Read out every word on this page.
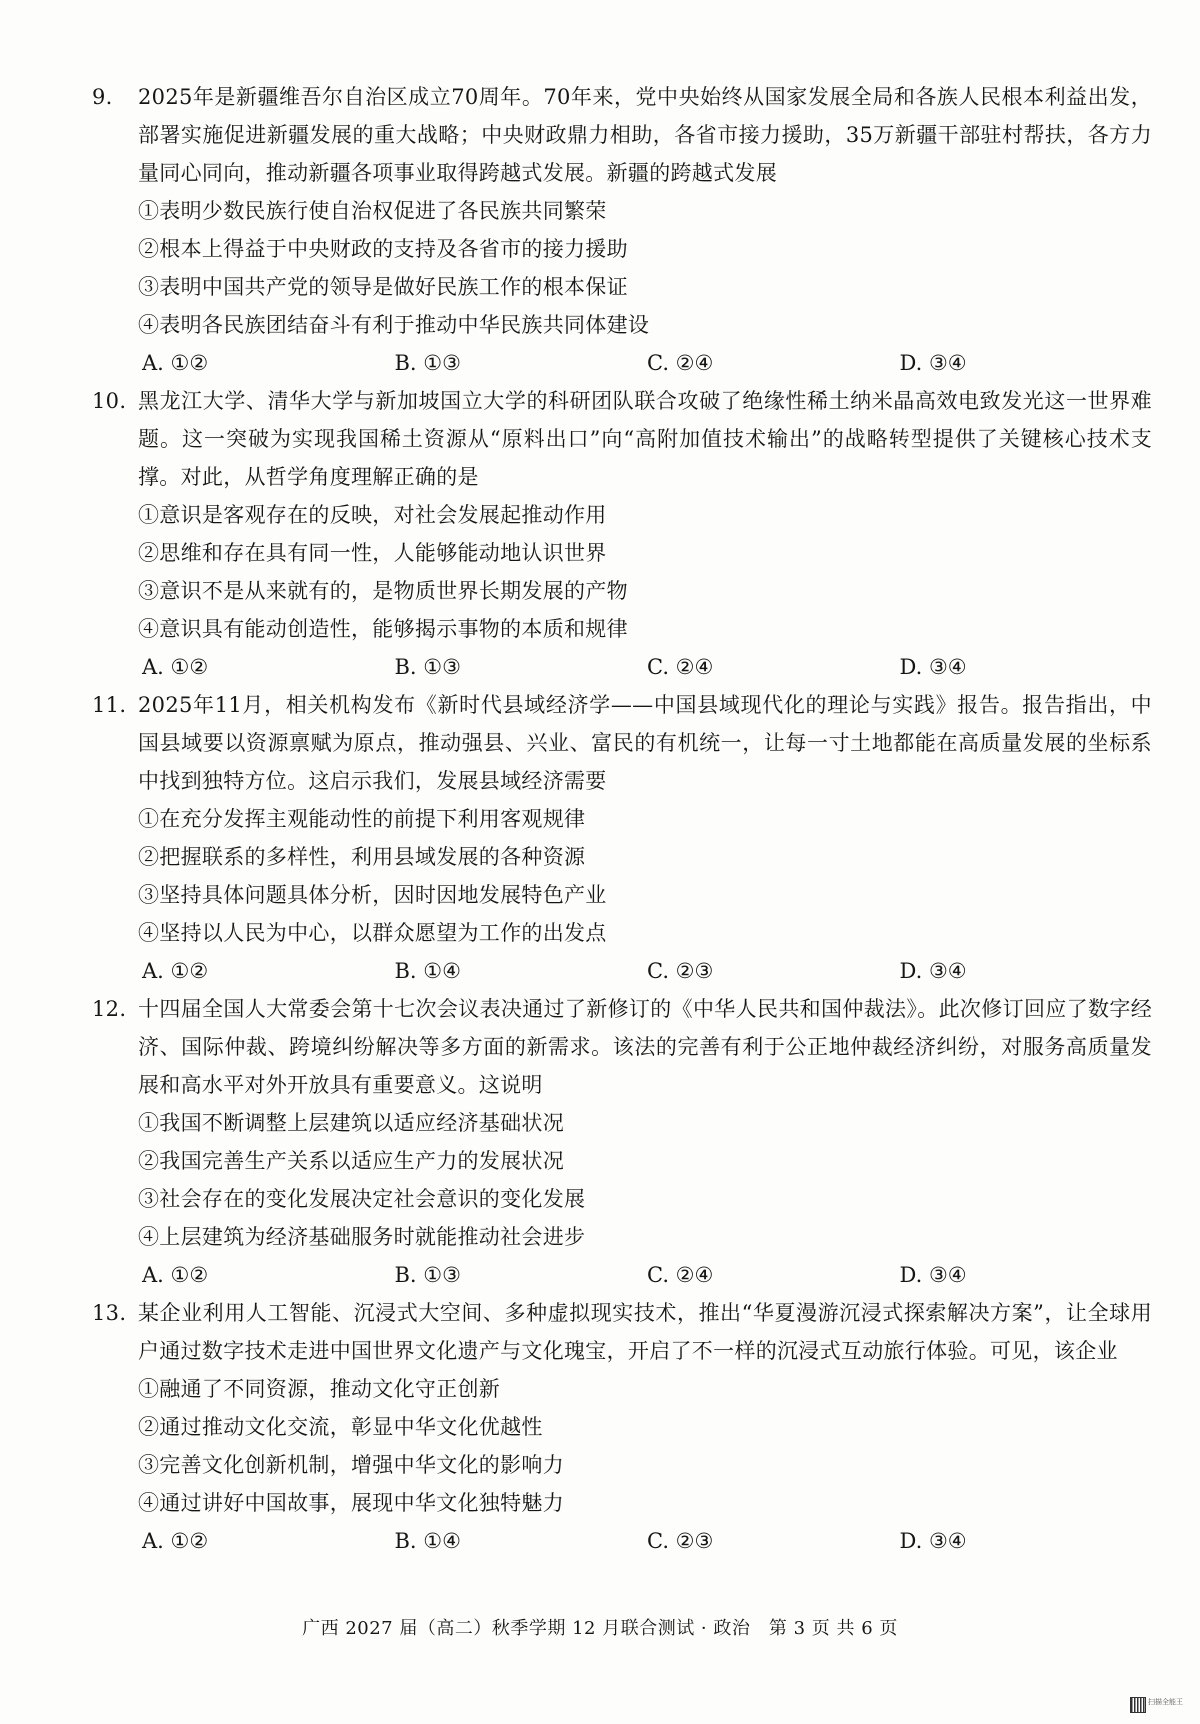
9.	2025年是新疆维吾尔自治区成立70周年。70年来，党中央始终从国家发展全局和各族人民根本利益出发，部署实施促进新疆发展的重大战略；中央财政鼎力相助，各省市接力援助，35万新疆干部驻村帮扶，各方力量同心同向，推动新疆各项事业取得跨越式发展。新疆的跨越式发展
①表明少数民族行使自治权促进了各民族共同繁荣
②根本上得益于中央财政的支持及各省市的接力援助
③表明中国共产党的领导是做好民族工作的根本保证
④表明各民族团结奋斗有利于推动中华民族共同体建设
A. ①②	B. ①③	C. ②④	D. ③④
10. 黑龙江大学、清华大学与新加坡国立大学的科研团队联合攻破了绝缘性稀土纳米晶高效电致发光这一世界难题。这一突破为实现我国稀土资源从“原料出口”向“高附加值技术输出”的战略转型提供了关键核心技术支撑。对此，从哲学角度理解正确的是
①意识是客观存在的反映，对社会发展起推动作用
②思维和存在具有同一性，人能够能动地认识世界
③意识不是从来就有的，是物质世界长期发展的产物
④意识具有能动创造性，能够揭示事物的本质和规律
A. ①②	B. ①③	C. ②④	D. ③④
11. 2025年11月，相关机构发布《新时代县域经济学——中国县域现代化的理论与实践》报告。报告指出，中国县域要以资源禀赋为原点，推动强县、兴业、富民的有机统一，让每一寸土地都能在高质量发展的坐标系中找到独特方位。这启示我们，发展县域经济需要
①在充分发挥主观能动性的前提下利用客观规律
②把握联系的多样性，利用县域发展的各种资源
③坚持具体问题具体分析，因时因地发展特色产业
④坚持以人民为中心，以群众愿望为工作的出发点
A. ①②	B. ①④	C. ②③	D. ③④
12. 十四届全国人大常委会第十七次会议表决通过了新修订的《中华人民共和国仲裁法》。此次修订回应了数字经济、国际仲裁、跨境纠纷解决等多方面的新需求。该法的完善有利于公正地仲裁经济纠纷，对服务高质量发展和高水平对外开放具有重要意义。这说明
①我国不断调整上层建筑以适应经济基础状况
②我国完善生产关系以适应生产力的发展状况
③社会存在的变化发展决定社会意识的变化发展
④上层建筑为经济基础服务时就能推动社会进步
A. ①②	B. ①③	C. ②④	D. ③④
13. 某企业利用人工智能、沉浸式大空间、多种虚拟现实技术，推出“华夏漫游沉浸式探索解决方案”，让全球用户通过数字技术走进中国世界文化遗产与文化瑰宝，开启了不一样的沉浸式互动旅行体验。可见，该企业
①融通了不同资源，推动文化守正创新
②通过推动文化交流，彰显中华文化优越性
③完善文化创新机制，增强中华文化的影响力
④通过讲好中国故事，展现中华文化独特魅力
A. ①②	B. ①④	C. ②③	D. ③④
广西 2027 届（高二）秋季学期 12 月联合测试 · 政治　第 3 页 共 6 页
扫描全能王
